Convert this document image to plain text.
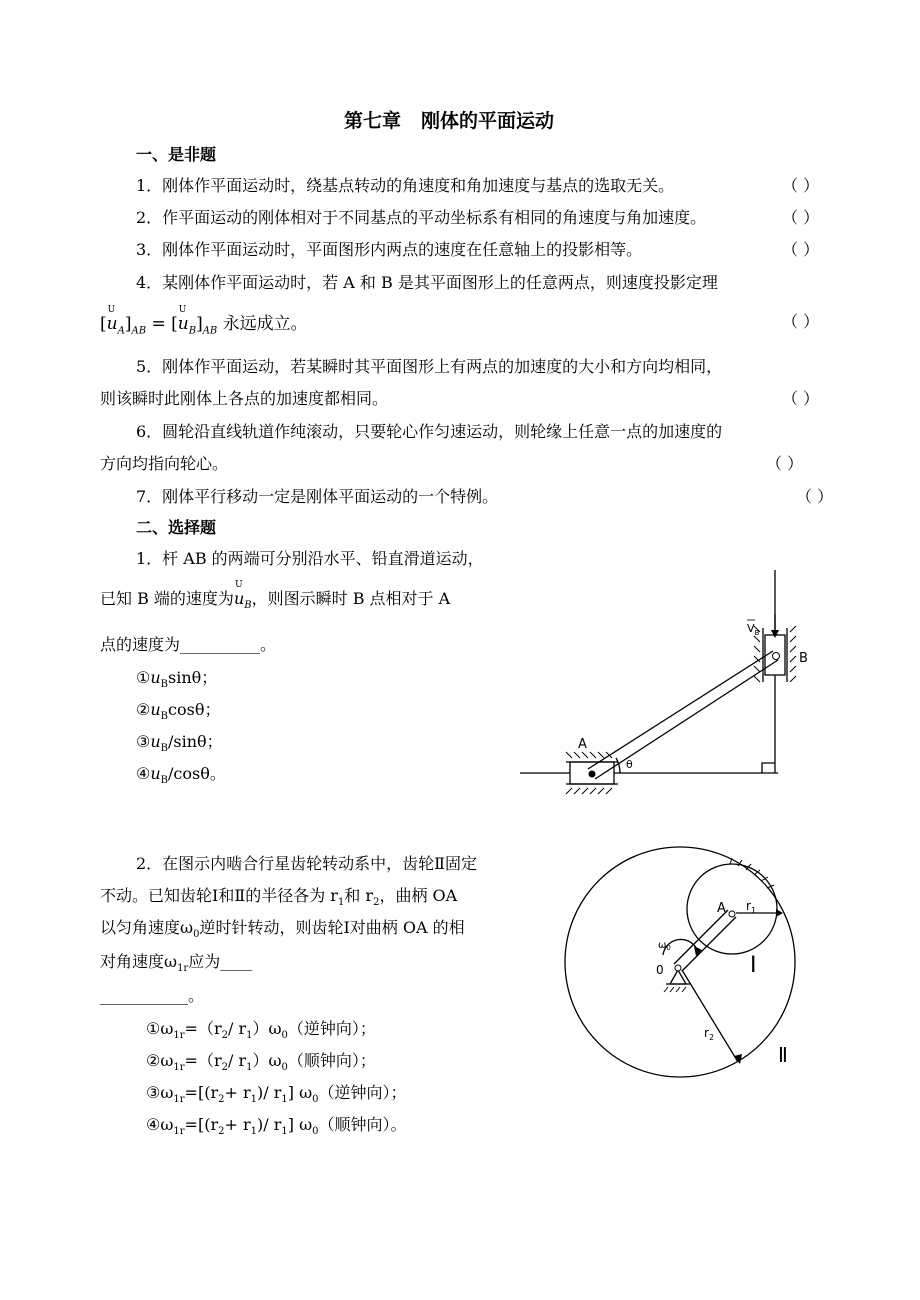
第七章 刚体的平面运动
一、是非题
1．刚体作平面运动时，绕基点转动的角速度和角加速度与基点的选取无关。	（ ）
2．作平面运动的刚体相对于不同基点的平动坐标系有相同的角速度与角加速度。	（ ）
3．刚体作平面运动时，平面图形内两点的速度在任意轴上的投影相等。	（ ）
4．某刚体作平面运动时，若 A 和 B 是其平面图形上的任意两点，则速度投影定理
[
U
$u_A]_{AB}$ = [
U
$u_B]_{AB}$ 永远成立。	（ ）
5．刚体作平面运动，若某瞬时其平面图形上有两点的加速度的大小和方向均相同，
则该瞬时此刚体上各点的加速度都相同。	（ ）
6．圆轮沿直线轨道作纯滚动，只要轮心作匀速运动，则轮缘上任意一点的加速度的
方向均指向轮心。	（ ）
7．刚体平行移动一定是刚体平面运动的一个特例。	（ ）
二、选择题
1．杆 AB 的两端可分别沿水平、铅直滑道运动，
已知 B 端的速度为
U
$u_B$，则图示瞬时 B 点相对于 A
点的速度为__________。
$①u_B\sin\theta$；
$②u_B\cos\theta$；
$③u_B$/sinθ；
$④u_B$/cosθ。
A
B
θ
$V_B$
2．在图示内啮合行星齿轮转动系中，齿轮Ⅱ固定
不动。已知齿轮Ⅰ和Ⅱ的半径各为 $r_1$和 $r_2$，曲柄 OA
以匀角速度$\omega_0$逆时针转动，则齿轮Ⅰ对曲柄 OA 的相
对角速度$\omega_{1r}$应为____
___________。
$①\omega_{1r}=(r_2/$ $r_1)\omega_0$（逆钟向）；
$②\omega_{1r}=(r_2/$ $r_1)\omega_0$（顺钟向）；
$③\omega_{1r}=[(r_2+ r_1)/$ $r_1$] $\omega_0$（逆钟向）；
$④\omega_{1r}=[(r_2+ r_1)/$ $r_1$] $\omega_0$（顺钟向）。
A
0
$r_1$
$r_2$
$\omega_0$
Ⅰ
Ⅱ
